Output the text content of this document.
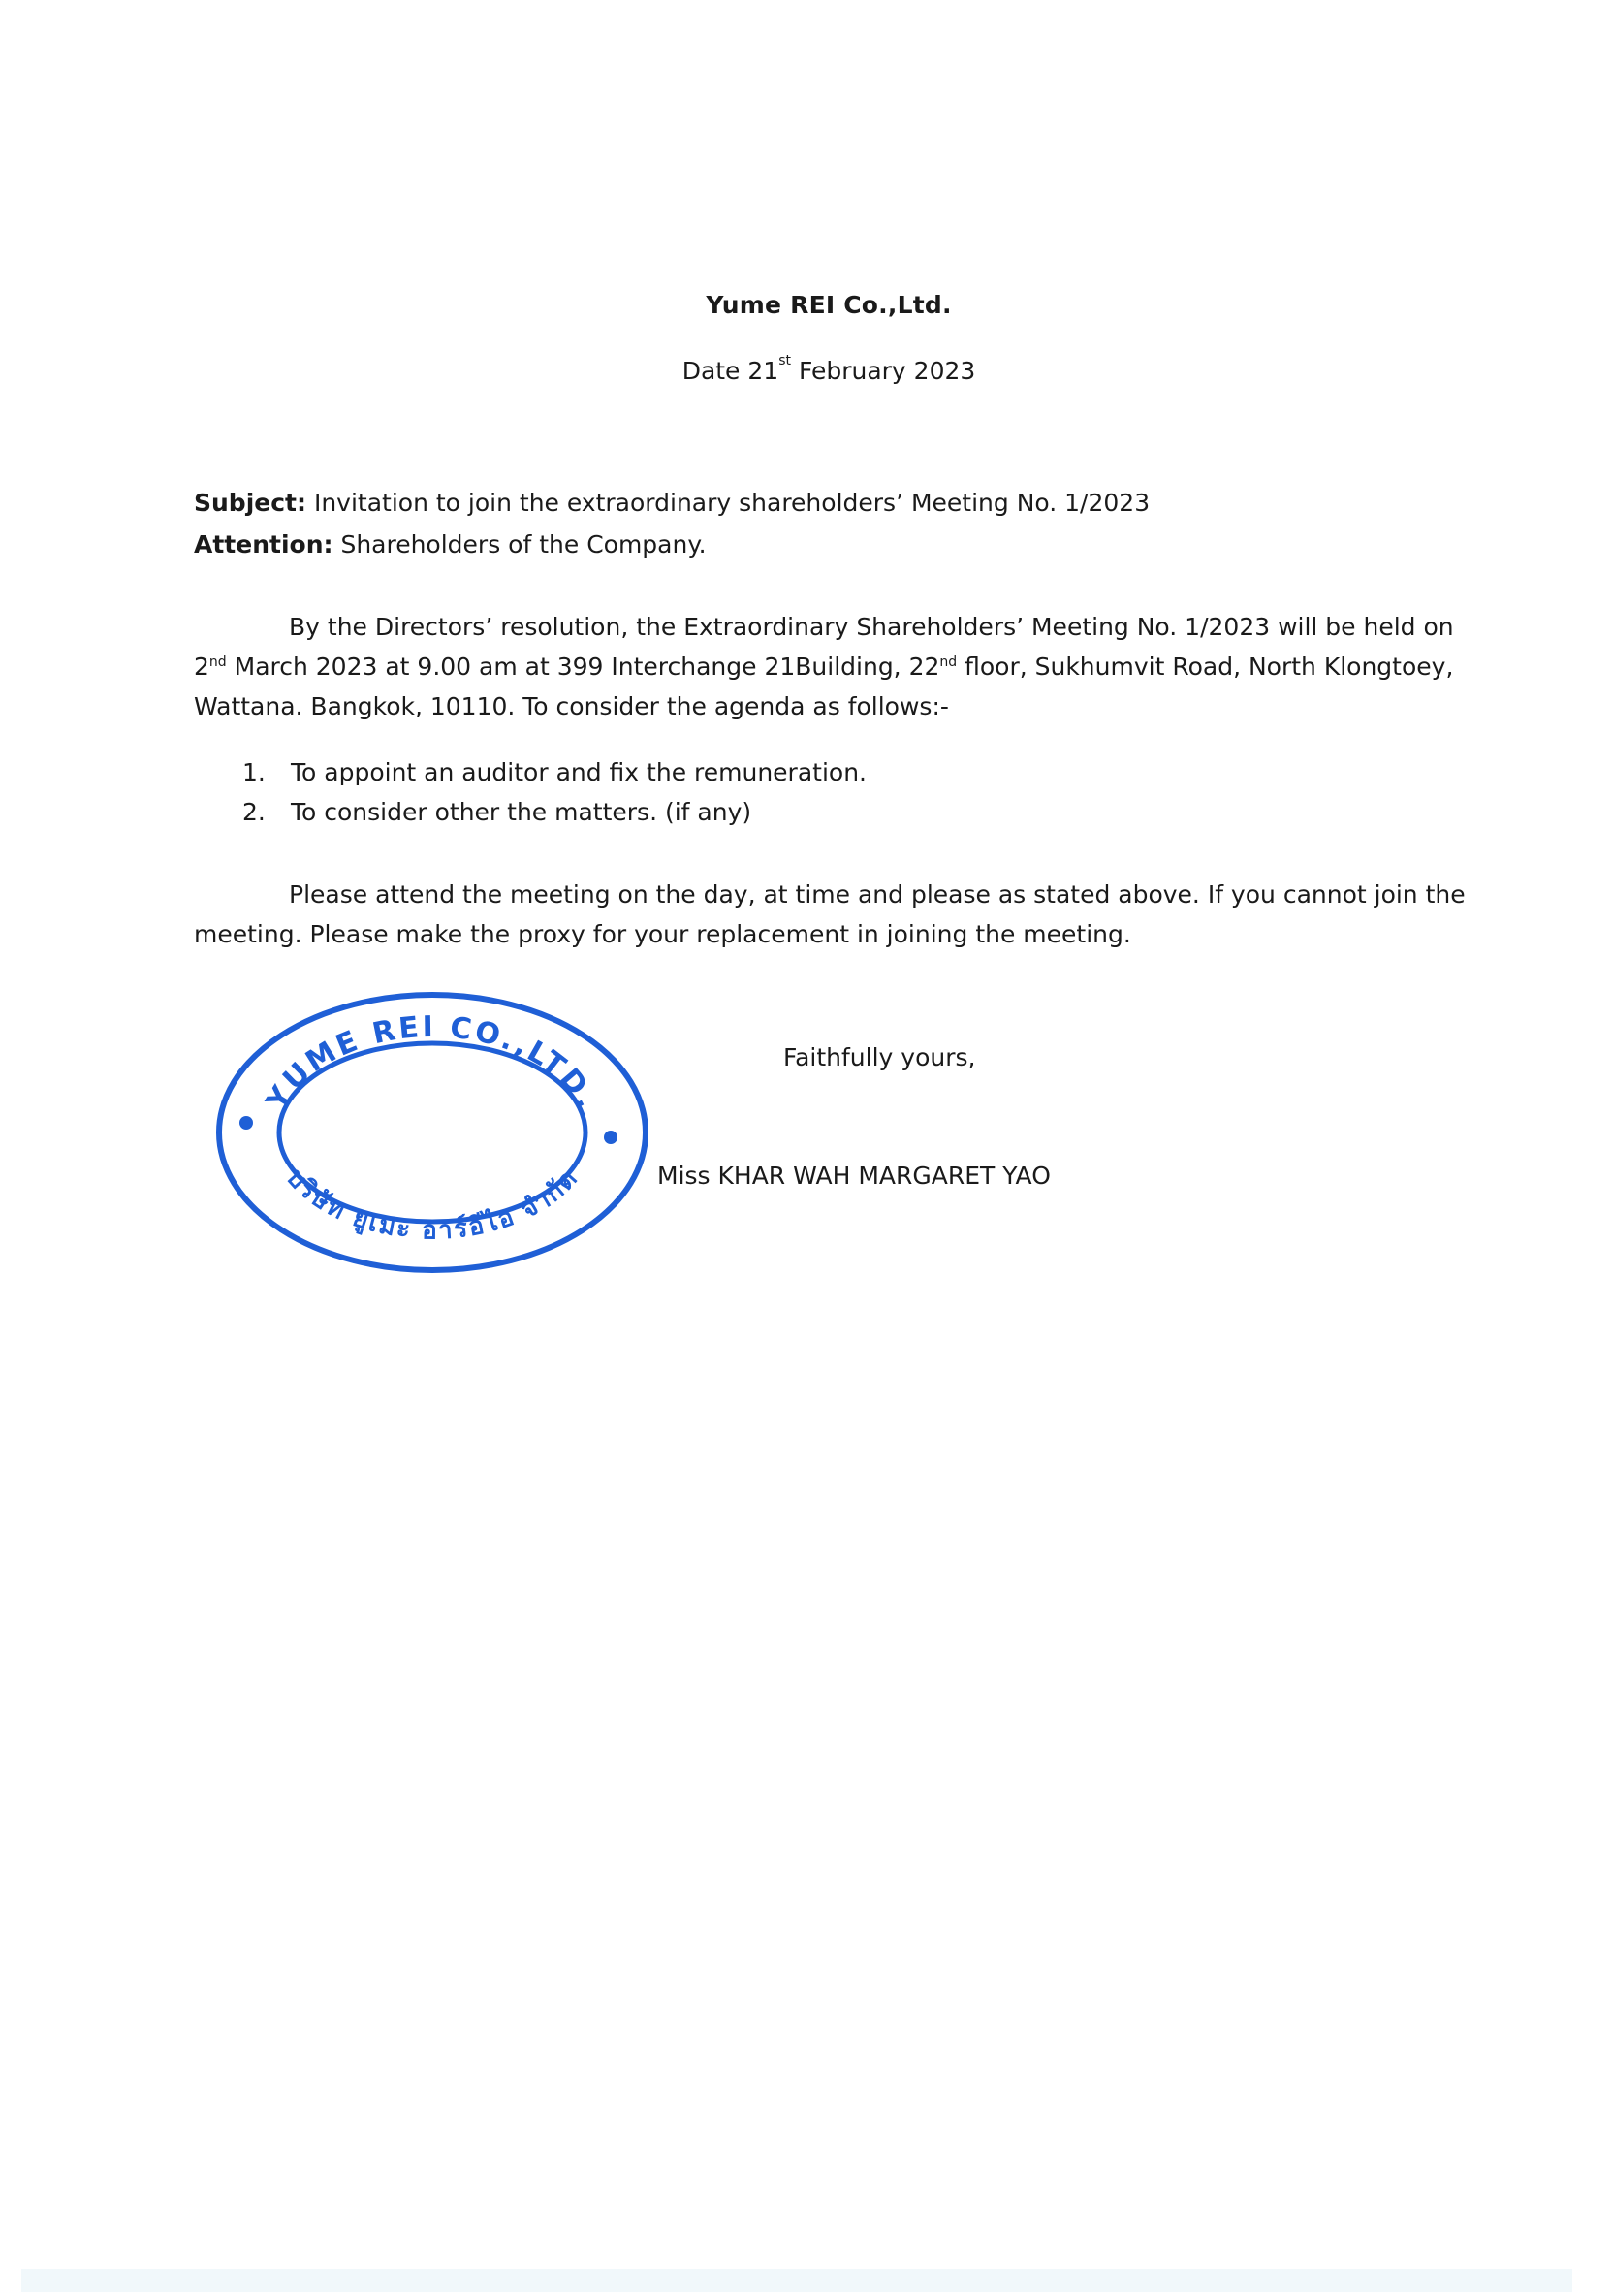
Yume REI Co.,Ltd.
Date 21st February 2023
Subject: Invitation to join the extraordinary shareholders’ Meeting No. 1/2023
Attention: Shareholders of the Company.
By the Directors’ resolution, the Extraordinary Shareholders’ Meeting No. 1/2023 will be held on
2nd March 2023 at 9.00 am at 399 Interchange 21Building, 22nd floor, Sukhumvit Road, North Klongtoey,
Wattana. Bangkok, 10110. To consider the agenda as follows:-
1. To appoint an auditor and fix the remuneration.
2. To consider other the matters. (if any)
Please attend the meeting on the day, at time and please as stated above. If you cannot join the
meeting. Please make the proxy for your replacement in joining the meeting.
Faithfully yours,
YUME REI CO.,LTD.
บริษัท ยูเมะ อาร์อีไอ จำกัด	Miss KHAR WAH MARGARET YAO
